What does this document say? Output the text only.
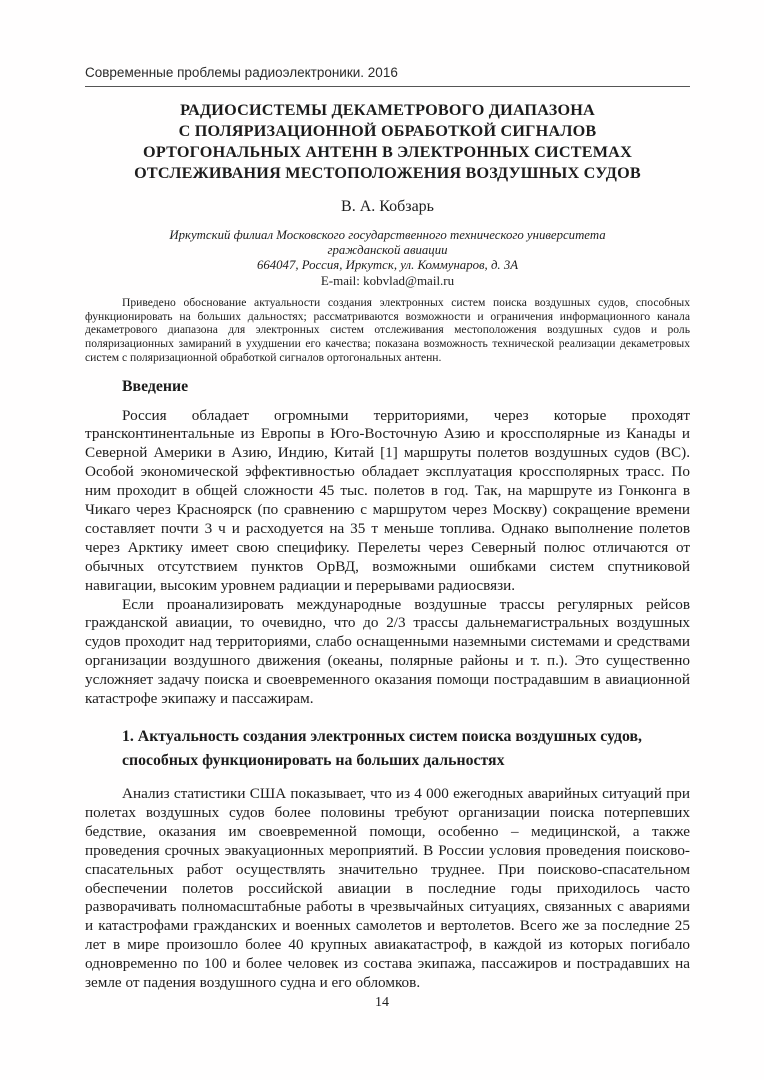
Современные проблемы радиоэлектроники. 2016
РАДИОСИСТЕМЫ ДЕКАМЕТРОВОГО ДИАПАЗОНА
С ПОЛЯРИЗАЦИОННОЙ ОБРАБОТКОЙ СИГНАЛОВ
ОРТОГОНАЛЬНЫХ АНТЕНН В ЭЛЕКТРОННЫХ СИСТЕМАХ
ОТСЛЕЖИВАНИЯ МЕСТОПОЛОЖЕНИЯ ВОЗДУШНЫХ СУДОВ
В. А. Кобзарь
Иркутский филиал Московского государственного технического университета
гражданской авиации
664047, Россия, Иркутск, ул. Коммунаров, д. 3А
E-mail: kobvlad@mail.ru
Приведено обоснование актуальности создания электронных систем поиска воздушных судов, способных функционировать на больших дальностях; рассматриваются возможности и ограничения информационного канала декаметрового диапазона для электронных систем отслеживания местоположения воздушных судов и роль поляризационных замираний в ухудшении его качества; показана возможность технической реализации декаметровых систем с поляризационной обработкой сигналов ортогональных антенн.
Введение

Россия обладает огромными территориями, через которые проходят трансконтинентальные из Европы в Юго-Восточную Азию и кроссполярные из Канады и Северной Америки в Азию, Индию, Китай [1] маршруты полетов воздушных судов (ВС). Особой экономической эффективностью обладает эксплуатация кроссполярных трасс. По ним проходит в общей сложности 45 тыс. полетов в год. Так, на маршруте из Гонконга в Чикаго через Красноярск (по сравнению с маршрутом через Москву) сокращение времени составляет почти 3 ч и расходуется на 35 т меньше топлива. Однако выполнение полетов через Арктику имеет свою специфику. Перелеты через Северный полюс отличаются от обычных отсутствием пунктов ОрВД, возможными ошибками систем спутниковой навигации, высоким уровнем радиации и перерывами радиосвязи.

Если проанализировать международные воздушные трассы регулярных рейсов гражданской авиации, то очевидно, что до 2/3 трассы дальнемагистральных воздушных судов проходит над территориями, слабо оснащенными наземными системами и средствами организации воздушного движения (океаны, полярные районы и т. п.). Это существенно усложняет задачу поиска и своевременного оказания помощи пострадавшим в авиационной катастрофе экипажу и пассажирам.

1. Актуальность создания электронных систем поиска воздушных судов, способных функционировать на больших дальностях

Анализ статистики США показывает, что из 4 000 ежегодных аварийных ситуаций при полетах воздушных судов более половины требуют организации поиска потерпевших бедствие, оказания им своевременной помощи, особенно – медицинской, а также проведения срочных эвакуационных мероприятий. В России условия проведения поисково-спасательных работ осуществлять значительно труднее. При поисково-спасательном обеспечении полетов российской авиации в последние годы приходилось часто разворачивать полномасштабные работы в чрезвычайных ситуациях, связанных с авариями и катастрофами гражданских и военных самолетов и вертолетов. Всего же за последние 25 лет в мире произошло более 40 крупных авиакатастроф, в каждой из которых погибало одновременно по 100 и более человек из состава экипажа, пассажиров и пострадавших на земле от падения воздушного судна и его обломков.

14
